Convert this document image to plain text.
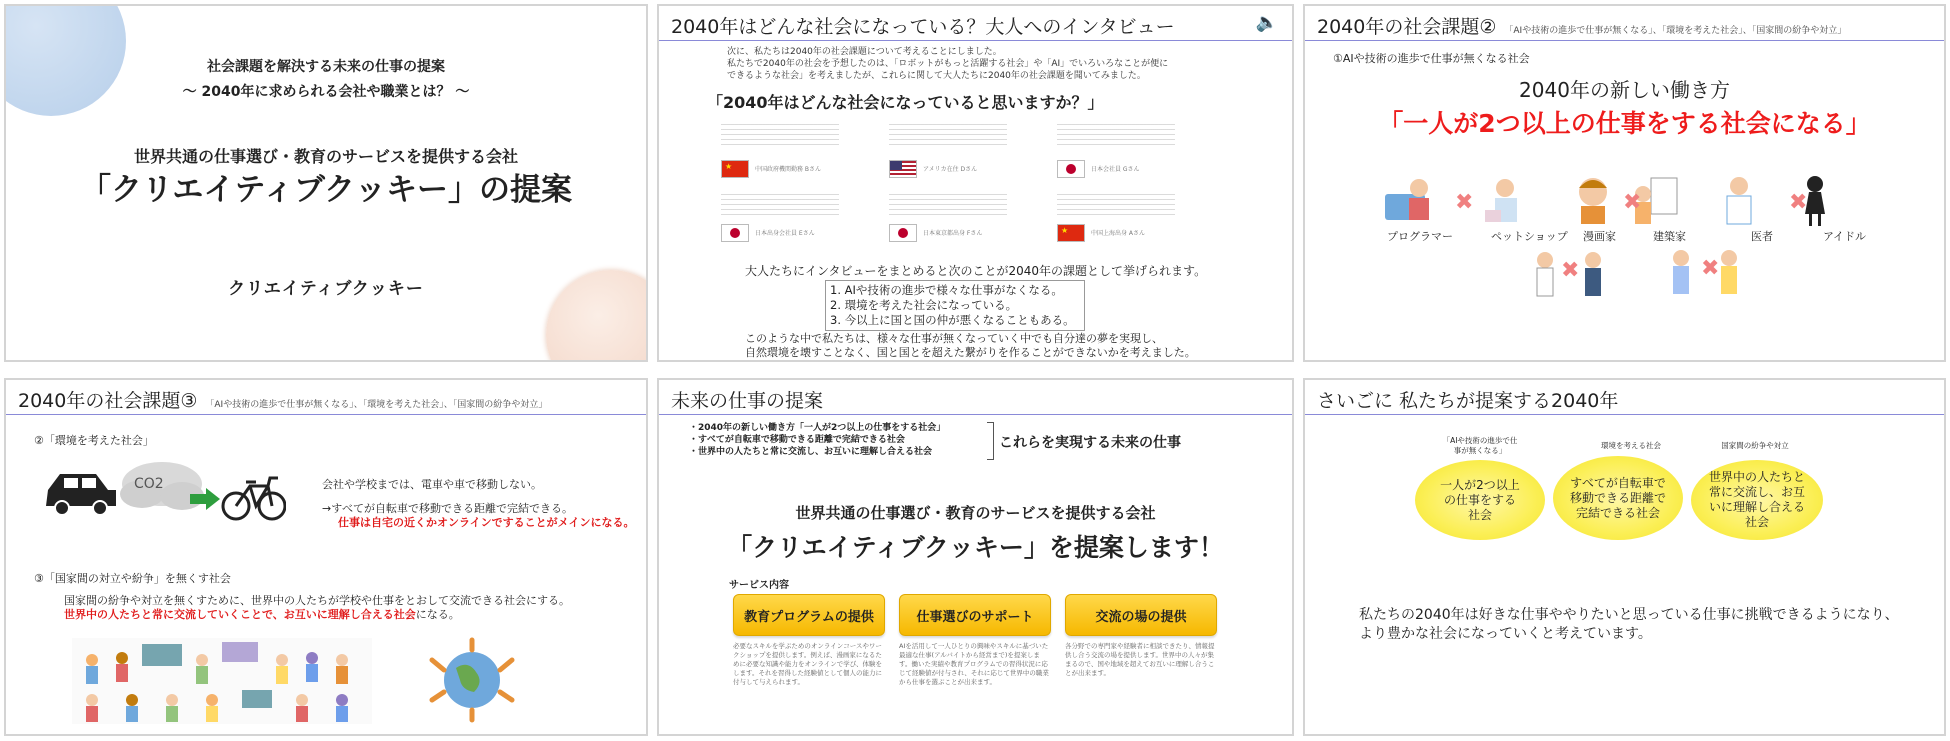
社会課題を解決する未来の仕事の提案
～ 2040年に求められる会社や職業とは？ ～
世界共通の仕事選び・教育のサービスを提供する会社
「クリエイティブクッキー」の提案
クリエイティブクッキー
2040年はどんな社会になっている？大人へのインタビュー	🔈
次に、私たちは2040年の社会課題について考えることにしました。
私たちで2040年の社会を予想したのは、「ロボットがもっと活躍する社会」や「AI」でいろいろなことが便に
できるような社会」を考えましたが、これらに関して大人たちに2040年の社会課題を聞いてみました。
「2040年はどんな社会になっていると思いますか？」
★
中国政府機関勤務 Bさん	アメリカ在住 Dさん	日本会社員 Gさん
★
日本出身会社員 Eさん	日本東京都出身 Fさん	中国上海出身 Aさん
大人たちにインタビューをまとめると次のことが2040年の課題として挙げられます。
1. AIや技術の進歩で様々な仕事がなくなる。
2. 環境を考えた社会になっている。
3. 今以上に国と国の仲が悪くなることもある。
このような中で私たちは、様々な仕事が無くなっていく中でも自分達の夢を実現し、
自然環境を壊すことなく、国と国とを超えた繋がりを作ることができないかを考えました。
2040年の社会課題② 「AIや技術の進歩で仕事が無くなる」、「環境を考えた社会」、「国家間の紛争や対立」
①AIや技術の進歩で仕事が無くなる社会
2040年の新しい働き方
「一人が2つ以上の仕事をする社会になる」
✖	✖	✖
プログラマー	ペットショップ 漫画家	建築家	医者	アイドル
✖	✖
2040年の社会課題③ 「AIや技術の進歩で仕事が無くなる」、「環境を考えた社会」、「国家間の紛争や対立」
②「環境を考えた社会」
CO2	会社や学校までは、電車や車で移動しない。
→すべてが自転車で移動できる距離で完結できる。
仕事は自宅の近くかオンラインですることがメインになる。
③「国家間の対立や紛争」を無くす社会
国家間の紛争や対立を無くすために、世界中の人たちが学校や仕事をとおして交流できる社会にする。
世界中の人たちと常に交流していくことで、お互いに理解し合える社会になる。
未来の仕事の提案
・2040年の新しい働き方「一人が2つ以上の仕事をする社会」
・すべてが自転車で移動できる距離で完結できる社会
・世界中の人たちと常に交流し、お互いに理解し合える社会
これらを実現する未来の仕事
世界共通の仕事選び・教育のサービスを提供する会社
「クリエイティブクッキー」を提案します！
サービス内容
教育プログラムの提供	仕事選びのサポート	交流の場の提供
必要なスキルを学ぶためのオンラインコースやワークショップを提供します。例えば、漫画家になるために必要な知識や能力をオンラインで学び、体験をします。それを習得した経験値として個人の能力に付与して与えられます。
AIを活用して一人ひとりの興味やスキルに基づいた最適な仕事(アルバイトから経営まで)を提案します。働いた実績や教育プログラムでの習得状況に応じて経験値が付与され、それに応じて世界中の職業から仕事を選ぶことが出来ます。
各分野での専門家や経験者に相談できたり、情報提供し合う交流の場を提供します。世界中の人々が集まるので、国や地域を超えてお互いに理解し合うことが出来ます。
さいごに 私たちが提案する2040年
「AIや技術の進歩で仕事が無くなる」
環境を考える社会	国家間の紛争や対立
一人が2つ以上の仕事をする社会
すべてが自転車で移動できる距離で完結できる社会
世界中の人たちと常に交流し、お互いに理解し合える社会
私たちの2040年は好きな仕事ややりたいと思っている仕事に挑戦できるようになり、より豊かな社会になっていくと考えています。
